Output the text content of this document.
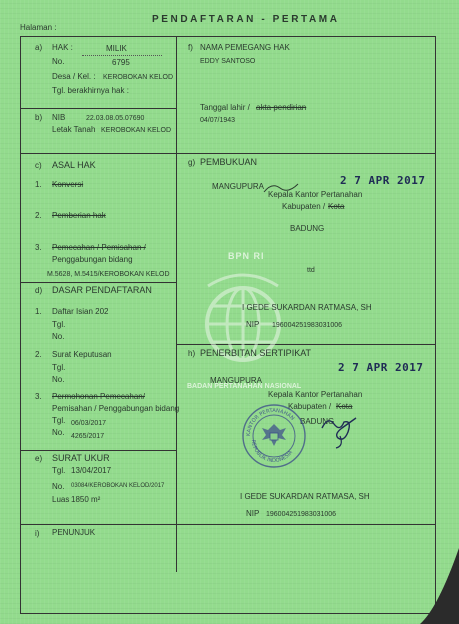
Halaman :
PENDAFTARAN - PERTAMA
BPN RI
BADAN PERTANAHAN NASIONAL
a) HAK :	MILIK
No.	6795
Desa / Kel. : KEROBOKAN KELOD
Tgl. berakhirnya hak :
b) NIB	22.03.08.05.07690
Letak Tanah KEROBOKAN KELOD
c) ASAL HAK
1. Konversi
2. Pemberian hak
3. Pemecahan / Pemisahan /
Penggabungan bidang
M.5628, M.5415/KEROBOKAN KELOD
d) DASAR PENDAFTARAN
1. Daftar Isian 202
Tgl.
No.
2. Surat Keputusan
Tgl.
No.
3. Permohonan Pemecahan/
Pemisahan / Penggabungan bidang
Tgl. 06/03/2017
No. 4265/2017
e) SURAT UKUR
Tgl. 13/04/2017
No. 03084/KEROBOKAN KELOD/2017
Luas 1850 m²
f) NAMA PEMEGANG HAK
EDDY SANTOSO
Tanggal lahir / akta pendirian
04/07/1943
g) PEMBUKUAN
2 7 APR 2017
MANGUPURA
Kepala Kantor Pertanahan
Kabupaten / Kota
BADUNG
ttd
I GEDE SUKARDAN RATMASA, SH
NIP 196004251983031006
h) PENERBITAN SERTIPIKAT
2 7 APR 2017
MANGUPURA
Kepala Kantor Pertanahan
Kabupaten / Kota
BADUNG
KANTOR PERTANAHAN
REPUBLIK INDONESIA
I GEDE SUKARDAN RATMASA, SH
NIP 196004251983031006
i) PENUNJUK
